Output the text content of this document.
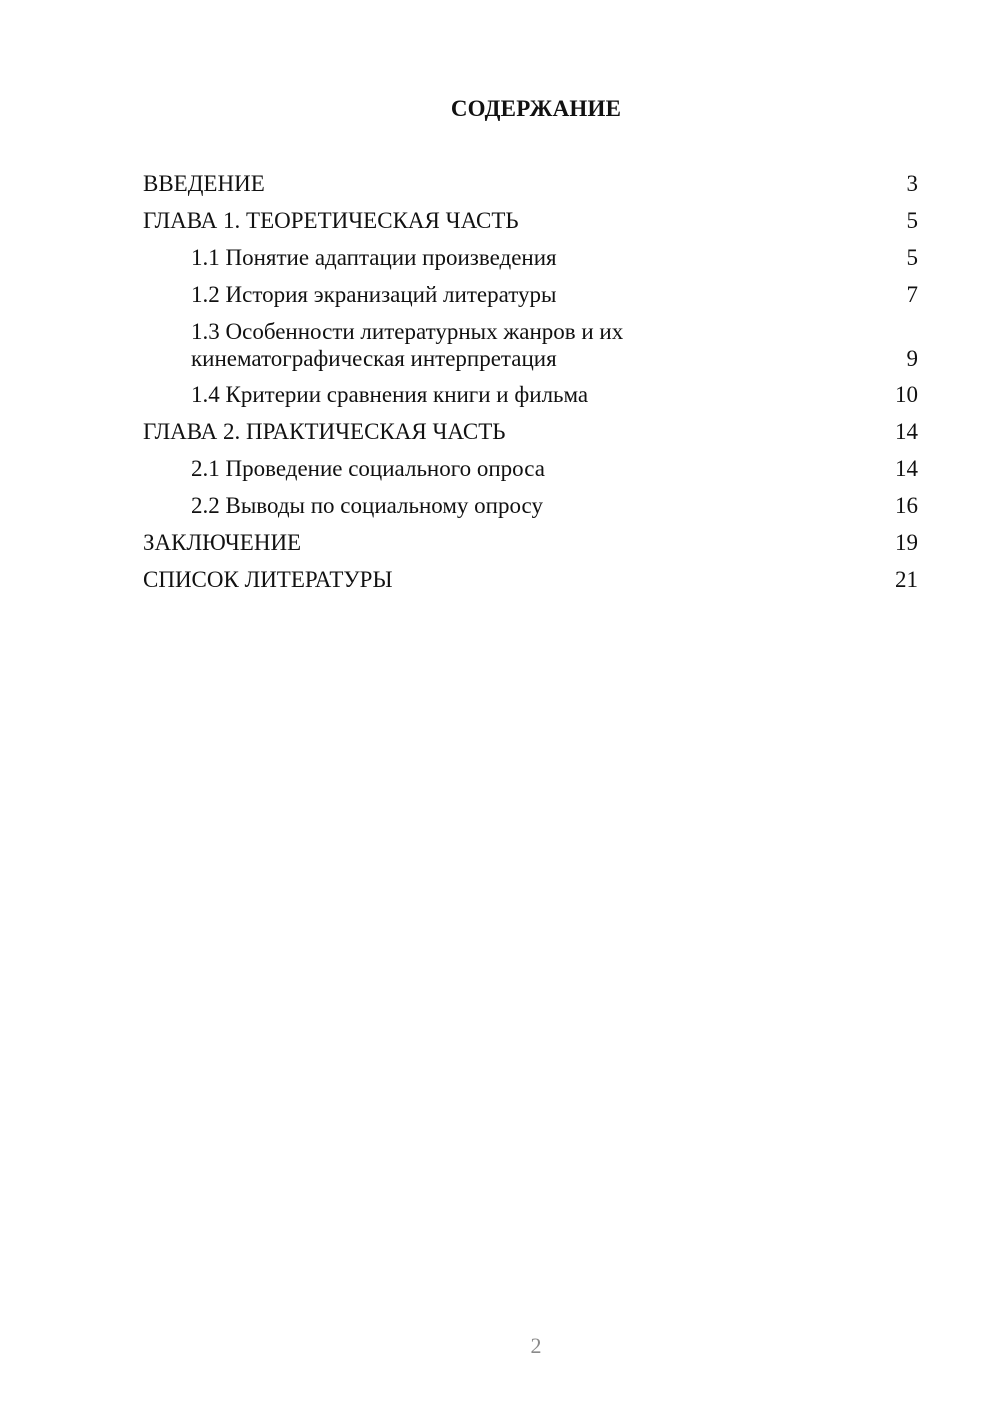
СОДЕРЖАНИЕ
ВВЕДЕНИЕ	3
ГЛАВА 1. ТЕОРЕТИЧЕСКАЯ ЧАСТЬ	5
1.1 Понятие адаптации произведения	5
1.2 История экранизаций литературы	7
1.3 Особенности литературных жанров и их кинематографическая интерпретация	9
1.4 Критерии сравнения книги и фильма	10
ГЛАВА 2. ПРАКТИЧЕСКАЯ ЧАСТЬ	14
2.1 Проведение социального опроса	14
2.2 Выводы по социальному опросу	16
ЗАКЛЮЧЕНИЕ	19
СПИСОК ЛИТЕРАТУРЫ	21
2
